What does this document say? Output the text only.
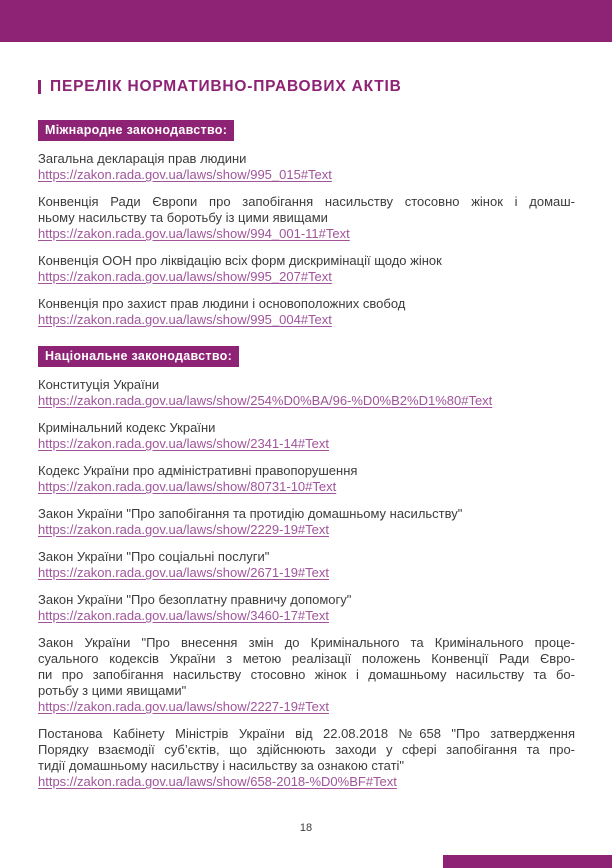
ПЕРЕЛІК НОРМАТИВНО-ПРАВОВИХ АКТІВ
Міжнародне законодавство:
Загальна декларація прав людини
https://zakon.rada.gov.ua/laws/show/995_015#Text
Конвенція Ради Європи про запобігання насильству стосовно жінок і домаш-
ньому насильству та боротьбу із цими явищами
https://zakon.rada.gov.ua/laws/show/994_001-11#Text
Конвенція ООН про ліквідацію всіх форм дискримінації щодо жінок
https://zakon.rada.gov.ua/laws/show/995_207#Text
Конвенція про захист прав людини і основоположних свобод
https://zakon.rada.gov.ua/laws/show/995_004#Text
Національне законодавство:
Конституція України
https://zakon.rada.gov.ua/laws/show/254%D0%BA/96-%D0%B2%D1%80#Text
Кримінальний кодекс України
https://zakon.rada.gov.ua/laws/show/2341-14#Text
Кодекс України про адміністративні правопорушення
https://zakon.rada.gov.ua/laws/show/80731-10#Text
Закон України "Про запобігання та протидію домашньому насильству"
https://zakon.rada.gov.ua/laws/show/2229-19#Text
Закон України "Про соціальні послуги"
https://zakon.rada.gov.ua/laws/show/2671-19#Text
Закон України "Про безоплатну правничу допомогу"
https://zakon.rada.gov.ua/laws/show/3460-17#Text
Закон України "Про внесення змін до Кримінального та Кримінального проце-
суального кодексів України з метою реалізації положень Конвенції Ради Євро-
пи про запобігання насильству стосовно жінок і домашньому насильству та бо-
ротьбу з цими явищами"
https://zakon.rada.gov.ua/laws/show/2227-19#Text
Постанова Кабінету Міністрів України від 22.08.2018 №658 "Про затвердження
Порядку взаємодії суб’єктів, що здійснюють заходи у сфері запобігання та про-
тидії домашньому насильству і насильству за ознакою статі"
https://zakon.rada.gov.ua/laws/show/658-2018-%D0%BF#Text
18
